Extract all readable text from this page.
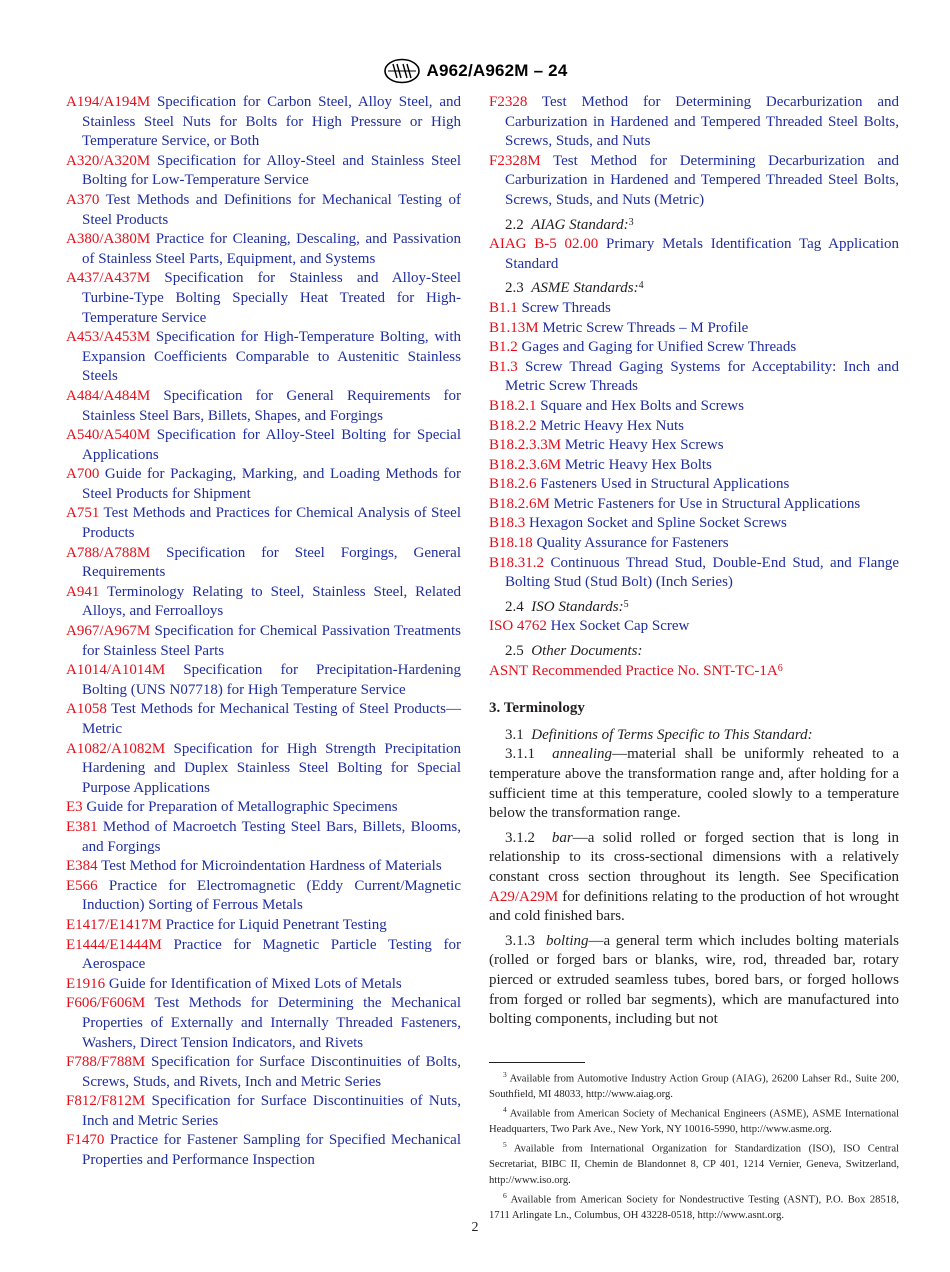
A962/A962M – 24

A194/A194M Specification for Carbon Steel, Alloy Steel, and Stainless Steel Nuts for Bolts for High Pressure or High Temperature Service, or Both

A320/A320M Specification for Alloy-Steel and Stainless Steel Bolting for Low-Temperature Service

A370 Test Methods and Definitions for Mechanical Testing of Steel Products

A380/A380M Practice for Cleaning, Descaling, and Passivation of Stainless Steel Parts, Equipment, and Systems

A437/A437M Specification for Stainless and Alloy-Steel Turbine-Type Bolting Specially Heat Treated for High-Temperature Service

A453/A453M Specification for High-Temperature Bolting, with Expansion Coefficients Comparable to Austenitic Stainless Steels

A484/A484M Specification for General Requirements for Stainless Steel Bars, Billets, Shapes, and Forgings

A540/A540M Specification for Alloy-Steel Bolting for Special Applications

A700 Guide for Packaging, Marking, and Loading Methods for Steel Products for Shipment

A751 Test Methods and Practices for Chemical Analysis of Steel Products

A788/A788M Specification for Steel Forgings, General Requirements

A941 Terminology Relating to Steel, Stainless Steel, Related Alloys, and Ferroalloys

A967/A967M Specification for Chemical Passivation Treatments for Stainless Steel Parts

A1014/A1014M Specification for Precipitation-Hardening Bolting (UNS N07718) for High Temperature Service

A1058 Test Methods for Mechanical Testing of Steel Products—Metric

A1082/A1082M Specification for High Strength Precipitation Hardening and Duplex Stainless Steel Bolting for Special Purpose Applications

E3 Guide for Preparation of Metallographic Specimens

E381 Method of Macroetch Testing Steel Bars, Billets, Blooms, and Forgings

E384 Test Method for Microindentation Hardness of Materials

E566 Practice for Electromagnetic (Eddy Current/Magnetic Induction) Sorting of Ferrous Metals

E1417/E1417M Practice for Liquid Penetrant Testing

E1444/E1444M Practice for Magnetic Particle Testing for Aerospace

E1916 Guide for Identification of Mixed Lots of Metals

F606/F606M Test Methods for Determining the Mechanical Properties of Externally and Internally Threaded Fasteners, Washers, Direct Tension Indicators, and Rivets

F788/F788M Specification for Surface Discontinuities of Bolts, Screws, Studs, and Rivets, Inch and Metric Series

F812/F812M Specification for Surface Discontinuities of Nuts, Inch and Metric Series

F1470 Practice for Fastener Sampling for Specified Mechanical Properties and Performance Inspection

F2328 Test Method for Determining Decarburization and Carburization in Hardened and Tempered Threaded Steel Bolts, Screws, Studs, and Nuts

F2328M Test Method for Determining Decarburization and Carburization in Hardened and Tempered Threaded Steel Bolts, Screws, Studs, and Nuts (Metric)

2.2 AIAG Standard:$^3$

AIAG B-5 02.00 Primary Metals Identification Tag Application Standard

2.3 ASME Standards:$^4$

B1.1 Screw Threads

B1.13M Metric Screw Threads – M Profile

B1.2 Gages and Gaging for Unified Screw Threads

B1.3 Screw Thread Gaging Systems for Acceptability: Inch and Metric Screw Threads

B18.2.1 Square and Hex Bolts and Screws

B18.2.2 Metric Heavy Hex Nuts

B18.2.3.3M Metric Heavy Hex Screws

B18.2.3.6M Metric Heavy Hex Bolts

B18.2.6 Fasteners Used in Structural Applications

B18.2.6M Metric Fasteners for Use in Structural Applications

B18.3 Hexagon Socket and Spline Socket Screws

B18.18 Quality Assurance for Fasteners

B18.31.2 Continuous Thread Stud, Double-End Stud, and Flange Bolting Stud (Stud Bolt) (Inch Series)

2.4 ISO Standards:$^5$

ISO 4762 Hex Socket Cap Screw

2.5 Other Documents:

ASNT Recommended Practice No. SNT-$TC-1A^6$

3. Terminology

3.1 Definitions of Terms Specific to This Standard:

3.1.1 annealing—material shall be uniformly reheated to a temperature above the transformation range and, after holding for a sufficient time at this temperature, cooled slowly to a temperature below the transformation range.

3.1.2 bar—a solid rolled or forged section that is long in relationship to its cross-sectional dimensions with a relatively constant cross section throughout its length. See Specification A29/A29M for definitions relating to the production of hot wrought and cold finished bars.

3.1.3 bolting—a general term which includes bolting materials (rolled or forged bars or blanks, wire, rod, threaded bar, rotary pierced or extruded seamless tubes, bored bars, or forged hollows from forged or rolled bar segments), which are manufactured into bolting components, including but not

$^3$ Available from Automotive Industry Action Group (AIAG), 26200 Lahser Rd., Suite 200, Southfield, MI 48033, http://www.aiag.org.

$^4$ Available from American Society of Mechanical Engineers (ASME), ASME International Headquarters, Two Park Ave., New York, NY 10016-5990, http://www.asme.org.

$^5$ Available from International Organization for Standardization (ISO), ISO Central Secretariat, BIBC II, Chemin de Blandonnet 8, CP 401, 1214 Vernier, Geneva, Switzerland, http://www.iso.org.

$^6$ Available from American Society for Nondestructive Testing (ASNT), P.O. Box 28518, 1711 Arlingate Ln., Columbus, OH 43228-0518, http://www.asnt.org.

2
